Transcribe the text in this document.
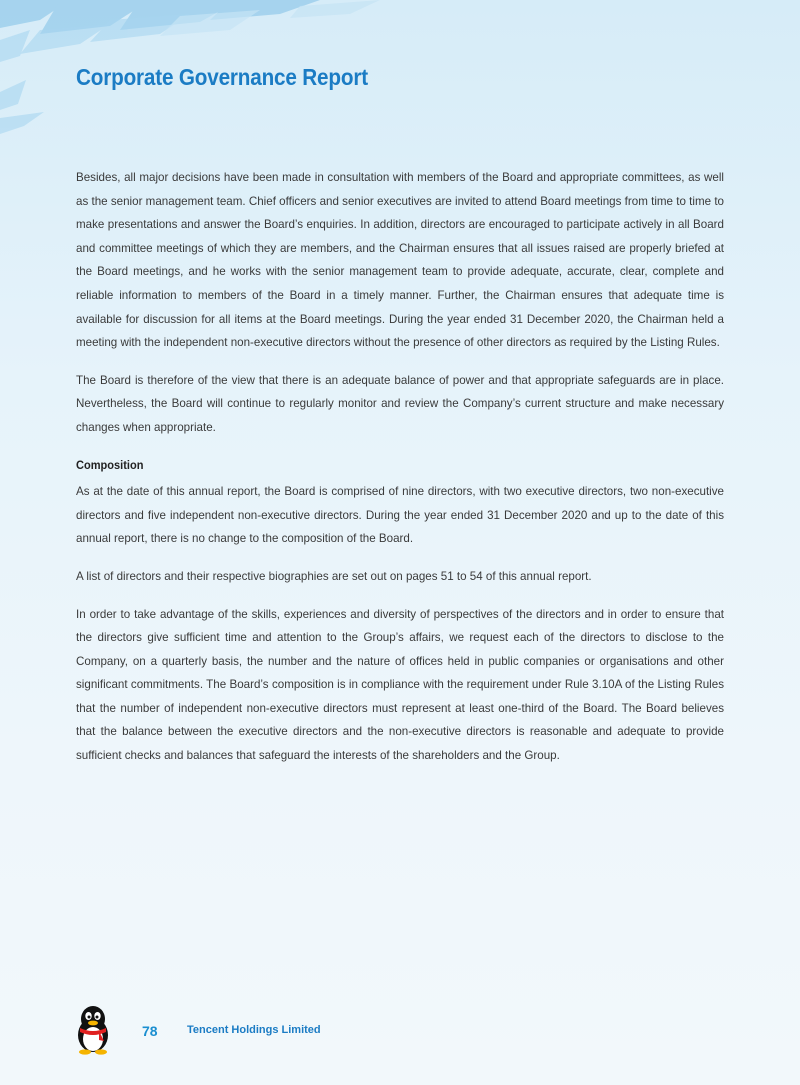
Corporate Governance Report

Besides, all major decisions have been made in consultation with members of the Board and appropriate committees, as well as the senior management team. Chief officers and senior executives are invited to attend Board meetings from time to time to make presentations and answer the Board’s enquiries. In addition, directors are encouraged to participate actively in all Board and committee meetings of which they are members, and the Chairman ensures that all issues raised are properly briefed at the Board meetings, and he works with the senior management team to provide adequate, accurate, clear, complete and reliable information to members of the Board in a timely manner. Further, the Chairman ensures that adequate time is available for discussion for all items at the Board meetings. During the year ended 31 December 2020, the Chairman held a meeting with the independent non-executive directors without the presence of other directors as required by the Listing Rules.

The Board is therefore of the view that there is an adequate balance of power and that appropriate safeguards are in place. Nevertheless, the Board will continue to regularly monitor and review the Company’s current structure and make necessary changes when appropriate.

Composition

As at the date of this annual report, the Board is comprised of nine directors, with two executive directors, two non-executive directors and five independent non-executive directors. During the year ended 31 December 2020 and up to the date of this annual report, there is no change to the composition of the Board.

A list of directors and their respective biographies are set out on pages 51 to 54 of this annual report.

In order to take advantage of the skills, experiences and diversity of perspectives of the directors and in order to ensure that the directors give sufficient time and attention to the Group’s affairs, we request each of the directors to disclose to the Company, on a quarterly basis, the number and the nature of offices held in public companies or organisations and other significant commitments. The Board’s composition is in compliance with the requirement under Rule 3.10A of the Listing Rules that the number of independent non-executive directors must represent at least one-third of the Board. The Board believes that the balance between the executive directors and the non-executive directors is reasonable and adequate to provide sufficient checks and balances that safeguard the interests of the shareholders and the Group.

78	Tencent Holdings Limited
